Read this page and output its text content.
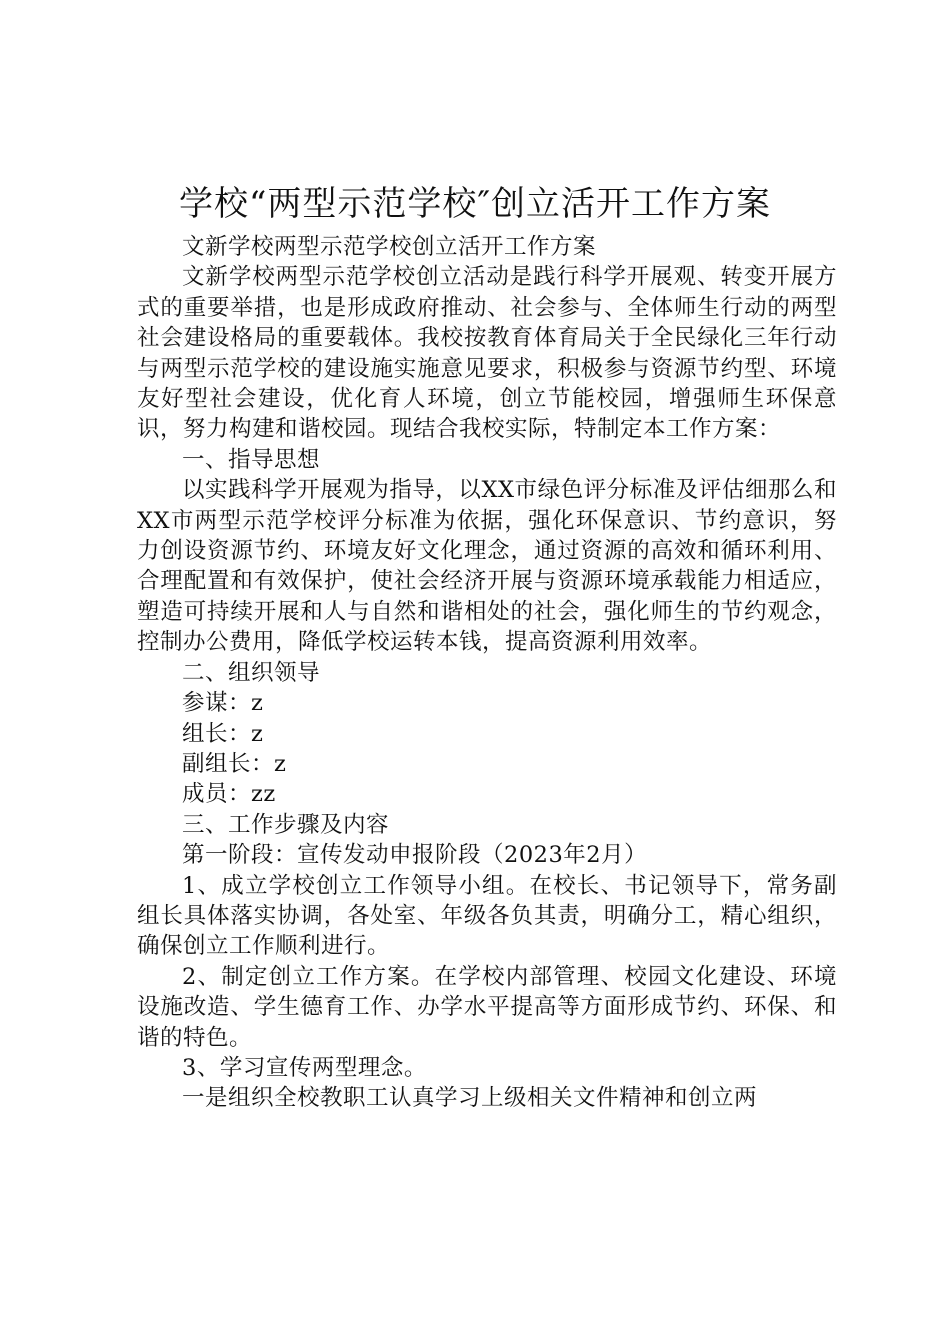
学校“两型示范学校″创立活开工作方案

文新学校两型示范学校创立活开工作方案

文新学校两型示范学校创立活动是践行科学开展观、转变开展方式的重要举措，也是形成政府推动、社会参与、全体师生行动的两型社会建设格局的重要载体。我校按教育体育局关于全民绿化三年行动与两型示范学校的建设施实施意见要求，积极参与资源节约型、环境友好型社会建设，优化育人环境，创立节能校园，增强师生环保意识，努力构建和谐校园。现结合我校实际，特制定本工作方案：

一、指导思想

以实践科学开展观为指导，以XX市绿色评分标准及评估细那么和XX市两型示范学校评分标准为依据，强化环保意识、节约意识，努力创设资源节约、环境友好文化理念，通过资源的高效和循环利用、合理配置和有效保护，使社会经济开展与资源环境承载能力相适应，塑造可持续开展和人与自然和谐相处的社会，强化师生的节约观念，控制办公费用，降低学校运转本钱，提高资源利用效率。

二、组织领导

参谋：z

组长：z

副组长：z

成员：zz

三、工作步骤及内容

第一阶段：宣传发动申报阶段（2023年2月）

1、成立学校创立工作领导小组。在校长、书记领导下，常务副组长具体落实协调，各处室、年级各负其责，明确分工，精心组织，确保创立工作顺利进行。

2、制定创立工作方案。在学校内部管理、校园文化建设、环境设施改造、学生德育工作、办学水平提高等方面形成节约、环保、和谐的特色。

3、学习宣传两型理念。

一是组织全校教职工认真学习上级相关文件精神和创立两
